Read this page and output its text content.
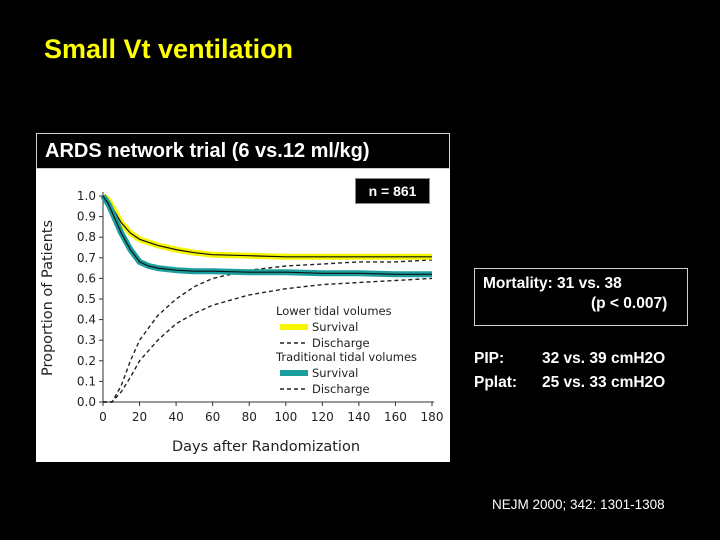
Small Vt ventilation
ARDS network trial (6 vs.12 ml/kg)
0.0
0.1
0.2
0.3
0.4
0.5
0.6
0.7
0.8
0.9
1.0
0 20 40 60 80 100 120 140 160 180
Lower tidal volumes
Survival
Discharge
Traditional tidal volumes
Survival
Discharge
Days after Randomization
Proportion of Patients
n = 861
Mortality: 31 vs. 38
(p < 0.007)
PIP: 32 vs. 39 cmH2O
Pplat: 25 vs. 33 cmH2O
NEJM 2000; 342: 1301-1308
